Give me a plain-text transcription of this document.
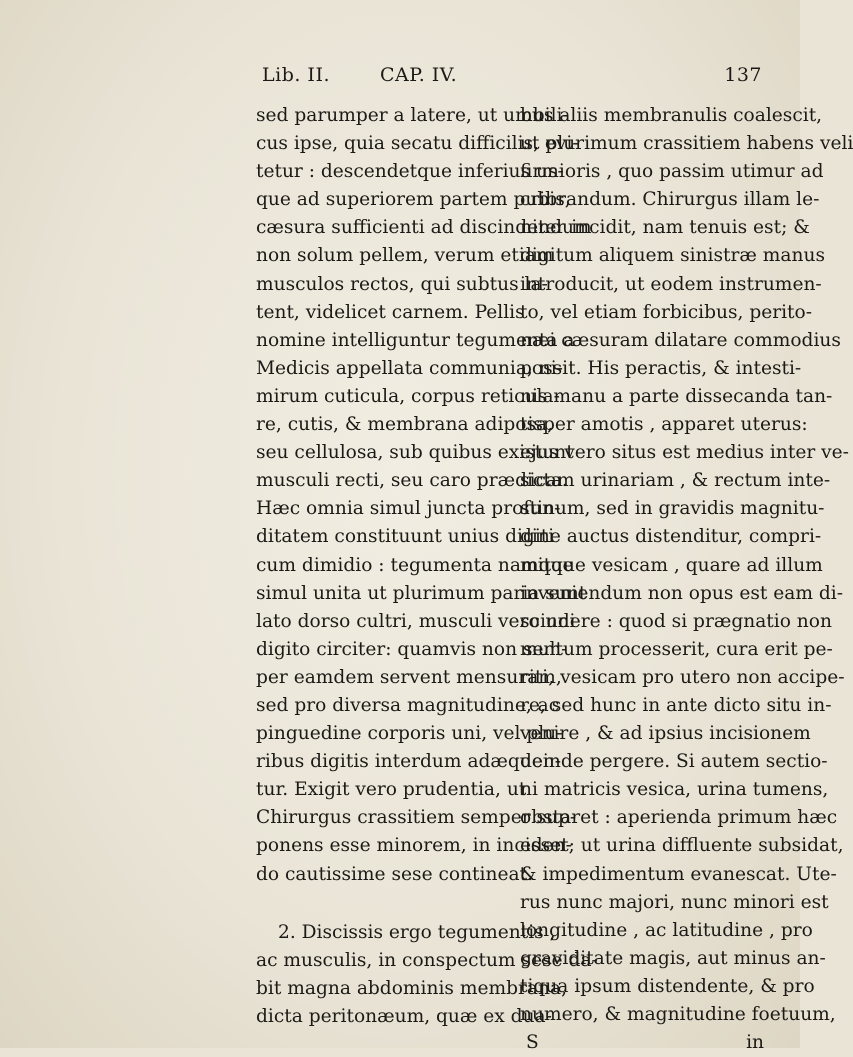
Lib. II.	CAP. IV.	137
sed parumper a latere, ut umbili-
cus ipse, quia secatu difficilis, evi-
tetur : descendetque inferius us-
que ad superiorem partem pubis,
cæsura sufficienti ad discindendum
non solum pellem, verum etiam
musculos rectos, qui subtus la-
tent, videlicet carnem. Pellis
nomine intelliguntur tegumenta a
Medicis appellata communia, ni-
mirum cuticula, corpus reticula-
re, cutis, & membrana adiposa,
seu cellulosa, sub quibus existunt
musculi recti, seu caro prædicta.
Hæc omnia simul juncta profun-
ditatem constituunt unius digiti
cum dimidio : tegumenta namque
simul unita ut plurimum paria sunt
lato dorso cultri, musculi vero uni
digito circiter: quamvis non sem-
per eamdem servent mensuram,
sed pro diversa magnitudine, ac
pinguedine corporis uni, vel plu-
ribus digitis interdum adæquen-
tur. Exigit vero prudentia, ut
Chirurgus crassitiem semper sup-
ponens esse minorem, in inciden-
do cautissime sese contineat.
2. Discissis ergo tegumentis ,
ac musculis, in conspectum sese da-
bit magna abdominis membrana,
dicta peritonæum, quæ ex dua-
bus aliis membranulis coalescit,
ut plurimum crassitiem habens veli
firmioris , quo passim utimur ad
cribrandum. Chirurgus illam le-
niter incidit, nam tenuis est; &
digitum aliquem sinistræ manus
introducit, ut eodem instrumen-
to, vel etiam forbicibus, perito-
næi cæsuram dilatare commodius
possit. His peractis, & intesti-
nis manu a parte dissecanda tan-
tisper amotis , apparet uterus:
ejus vero situs est medius inter ve-
sicam urinariam , & rectum inte-
stinum, sed in gravidis magnitu-
dine auctus distenditur, compri-
mitque vesicam , quare ad illum
inveniendum non opus est eam di-
scindere : quod si prægnatio non
multum processerit, cura erit pe-
riti, vesicam pro utero non accipe-
re, sed hunc in ante dicto situ in-
venire , & ad ipsius incisionem
deinde pergere. Si autem sectio-
ni matricis vesica, urina tumens,
obstaret : aperienda primum hæc
esset; ut urina diffluente subsidat,
& impedimentum evanescat. Ute-
rus nunc majori, nunc minori est
longitudine , ac latitudine , pro
graviditate magis, aut minus an-
tiqua ipsum distendente, & pro
numero, & magnitudine foetuum,
S	in
